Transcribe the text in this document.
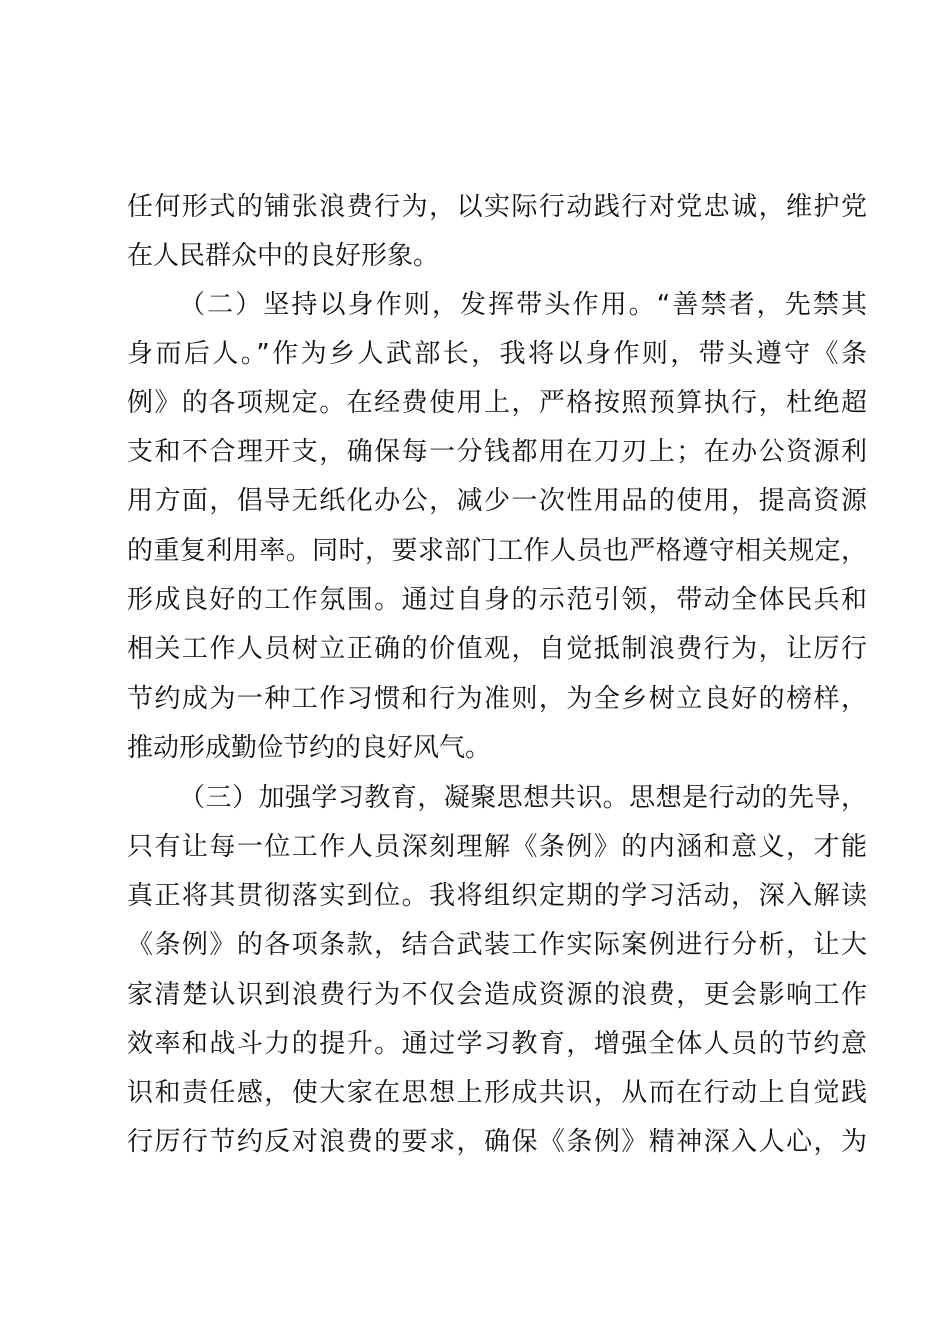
任何形式的铺张浪费行为，以实际行动践行对党忠诚，维护党
在人民群众中的良好形象。
（二）坚持以身作则，发挥带头作用。“善禁者，先禁其
身而后人。”作为乡人武部长，我将以身作则，带头遵守《条
例》的各项规定。在经费使用上，严格按照预算执行，杜绝超
支和不合理开支，确保每一分钱都用在刀刃上；在办公资源利
用方面，倡导无纸化办公，减少一次性用品的使用，提高资源
的重复利用率。同时，要求部门工作人员也严格遵守相关规定，
形成良好的工作氛围。通过自身的示范引领，带动全体民兵和
相关工作人员树立正确的价值观，自觉抵制浪费行为，让厉行
节约成为一种工作习惯和行为准则，为全乡树立良好的榜样，
推动形成勤俭节约的良好风气。
（三）加强学习教育，凝聚思想共识。思想是行动的先导，
只有让每一位工作人员深刻理解《条例》的内涵和意义，才能
真正将其贯彻落实到位。我将组织定期的学习活动，深入解读
《条例》的各项条款，结合武装工作实际案例进行分析，让大
家清楚认识到浪费行为不仅会造成资源的浪费，更会影响工作
效率和战斗力的提升。通过学习教育，增强全体人员的节约意
识和责任感，使大家在思想上形成共识，从而在行动上自觉践
行厉行节约反对浪费的要求，确保《条例》精神深入人心，为
